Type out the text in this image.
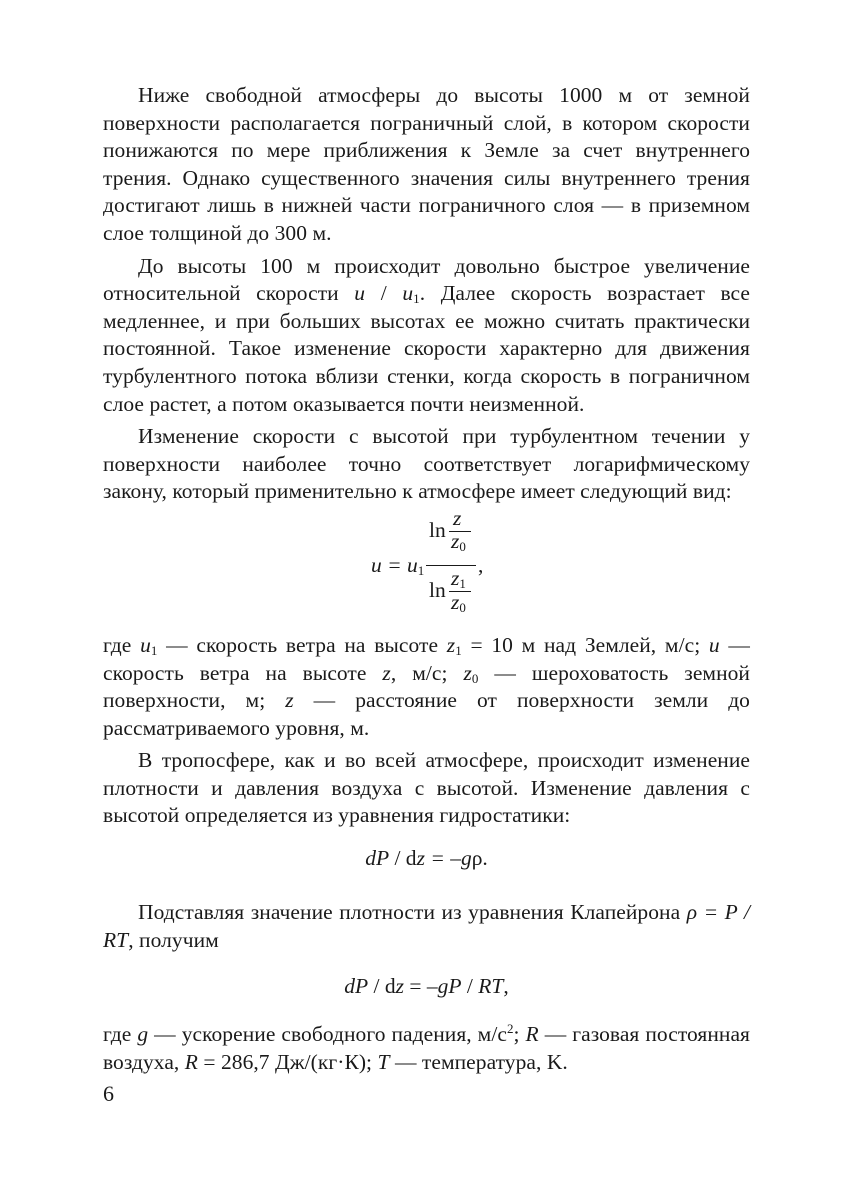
Ниже свободной атмосферы до высоты 1000 м от земной поверхности располагается пограничный слой, в котором скорости понижаются по мере приближения к Земле за счет внутреннего трения. Однако существенного значения силы внутреннего трения достигают лишь в нижней части пограничного слоя — в приземном слое толщиной до 300 м.

До высоты 100 м происходит довольно быстрое увеличение относительной скорости u / $u_1$. Далее скорость возрастает все медленнее, и при больших высотах ее можно считать практически постоянной. Такое изменение скорости характерно для движения турбулентного потока вблизи стенки, когда скорость в пограничном слое растет, а потом оказывается почти неизменной.

Изменение скорости с высотой при турбулентном течении у поверхности наиболее точно соответствует логарифмическому закону, который применительно к атмосфере имеет следующий вид:

$u = u_1$
ln z
$z_0$
$\ln z_1$
$z_0$
,

где $u_1$ — скорость ветра на высоте $z_1 = 10$ м над Землей, м/с; u — скорость ветра на высоте z, м/с; $z_0$ — шероховатость земной поверхности, м; z — расстояние от поверхности земли до рассматриваемого уровня, м.

В тропосфере, как и во всей атмосфере, происходит изменение плотности и давления воздуха с высотой. Изменение давления с высотой определяется из уравнения гидростатики:

dP / dz = –gρ.

Подставляя значение плотности из уравнения Клапейрона ρ = P / RT, получим

dP / dz = –gP / RT,

где g — ускорение свободного падения, $м/с^2$; R — газовая постоянная воздуха, R = 286,7 Дж/(кг·К); T — температура, K.

6
